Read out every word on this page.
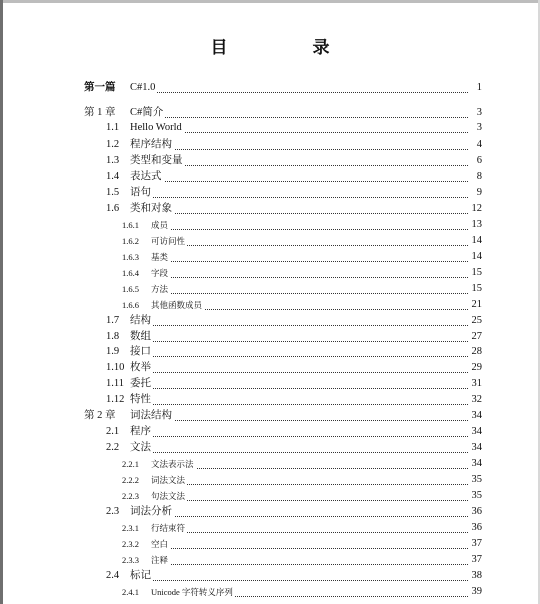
目　录
第一篇 C#1.0	1
第 1 章 C#简介	3
1.1 Hello World	3
1.2 程序结构	4
1.3 类型和变量	6
1.4 表达式	8
1.5 语句	9
1.6 类和对象	12
1.6.1 成员	13
1.6.2 可访问性	14
1.6.3 基类	14
1.6.4 字段	15
1.6.5 方法	15
1.6.6 其他函数成员	21
1.7 结构	25
1.8 数组	27
1.9 接口	28
1.10 枚举	29
1.11 委托	31
1.12 特性	32
第 2 章 词法结构	34
2.1 程序	34
2.2 文法	34
2.2.1 文法表示法	34
2.2.2 词法文法	35
2.2.3 句法文法	35
2.3 词法分析	36
2.3.1 行结束符	36
2.3.2 空白	37
2.3.3 注释	37
2.4 标记	38
2.4.1 Unicode 字符转义序列	39
